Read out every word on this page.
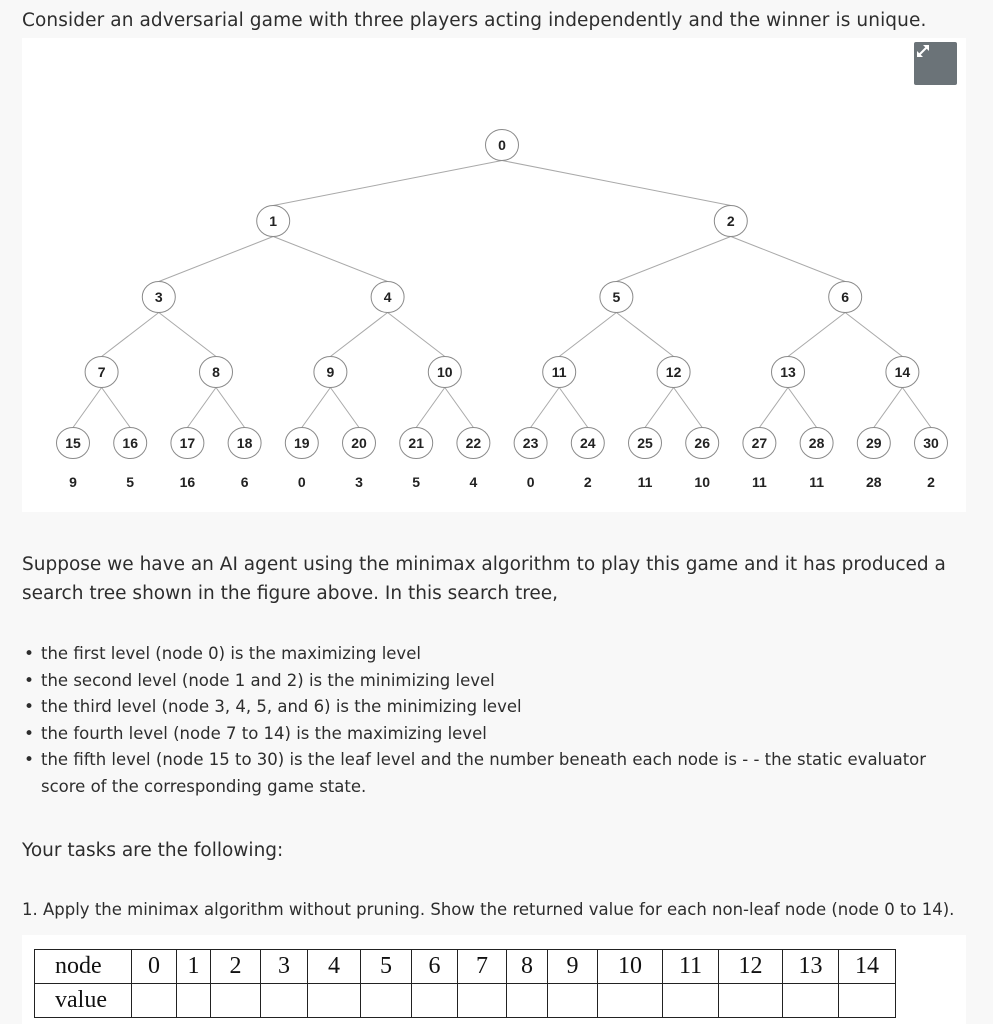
Consider an adversarial game with three players acting independently and the winner is unique.
0
1	2
3	4	5	6
7	8	9	10	11	12	13	14
15	16	17	18	19	20	21	22	23	24	25	26	27	28	29	30
9	5	16	6	0	3	5	4	0	2	11	10	11	11	28	2

Suppose we have an AI agent using the minimax algorithm to play this game and it has produced a search tree shown in the figure above. In this search tree,

• the first level (node 0) is the maximizing level
• the second level (node 1 and 2) is the minimizing level
• the third level (node 3, 4, 5, and 6) is the minimizing level
• the fourth level (node 7 to 14) is the maximizing level
• the fifth level (node 15 to 30) is the leaf level and the number beneath each node is - - the static evaluator score of the corresponding game state.

Your tasks are the following:

1. Apply the minimax algorithm without pruning. Show the returned value for each non-leaf node (node 0 to 14).

node	0	1	2	3	4	5	6	7	8	9	10	11	12	13	14
value															
